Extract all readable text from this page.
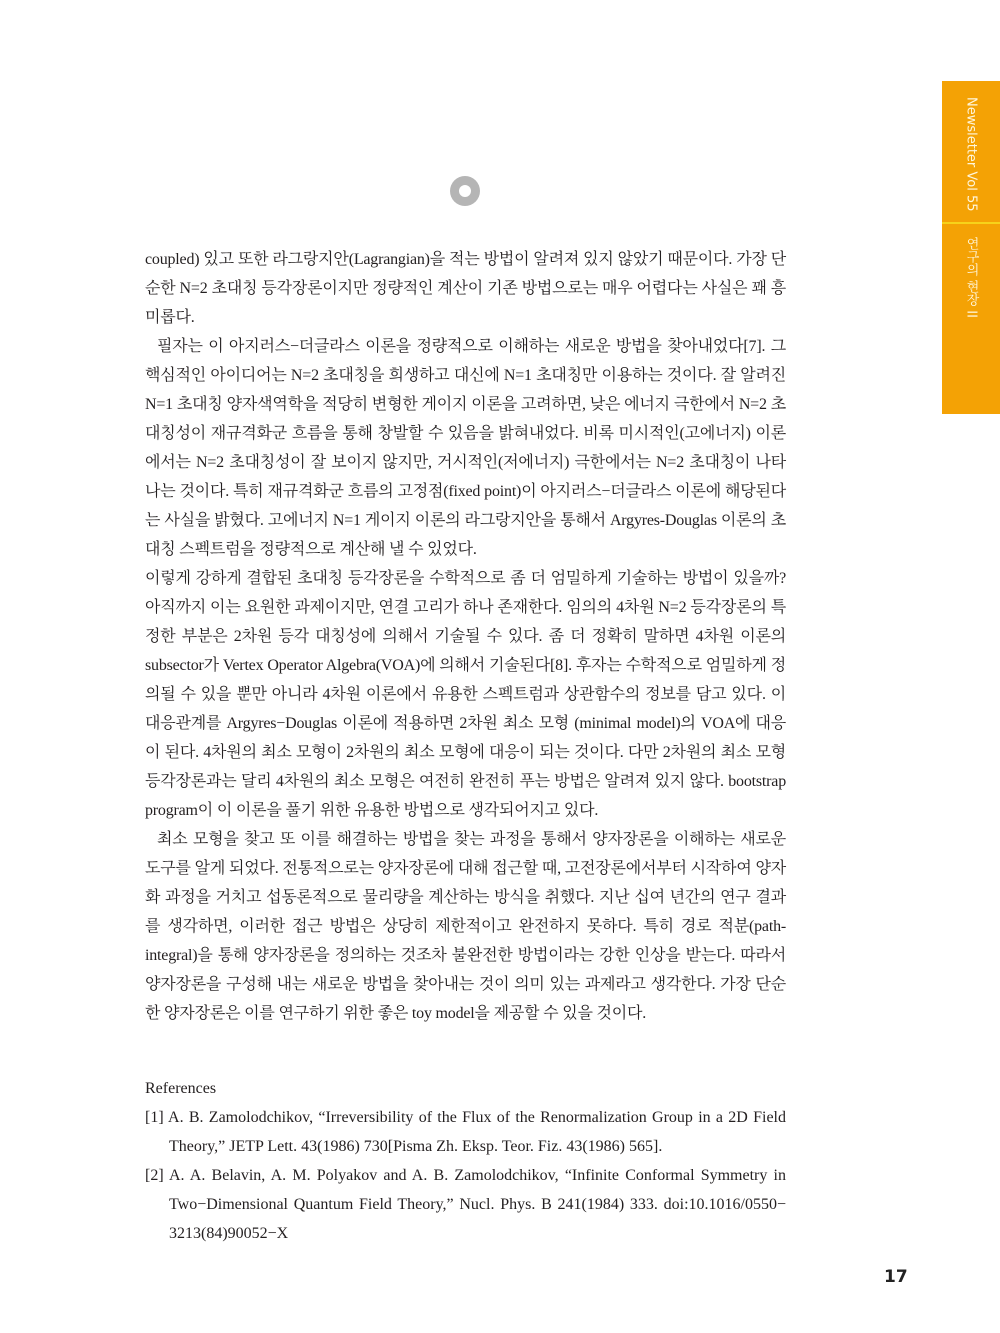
Newsletter Vol 55
연구의 현장 II

coupled) 있고 또한 라그랑지안(Lagrangian)을 적는 방법이 알려져 있지 않았기 때문이다. 가장 단순한 N=2 초대칭 등각장론이지만 정량적인 계산이 기존 방법으로는 매우 어렵다는 사실은 꽤 흥미롭다.

필자는 이 아지러스−더글라스 이론을 정량적으로 이해하는 새로운 방법을 찾아내었다[7]. 그 핵심적인 아이디어는 N=2 초대칭을 희생하고 대신에 N=1 초대칭만 이용하는 것이다. 잘 알려진 N=1 초대칭 양자색역학을 적당히 변형한 게이지 이론을 고려하면, 낮은 에너지 극한에서 N=2 초대칭성이 재규격화군 흐름을 통해 창발할 수 있음을 밝혀내었다. 비록 미시적인(고에너지) 이론에서는 N=2 초대칭성이 잘 보이지 않지만, 거시적인(저에너지) 극한에서는 N=2 초대칭이 나타나는 것이다. 특히 재규격화군 흐름의 고정점(fixed point)이 아지러스−더글라스 이론에 해당된다는 사실을 밝혔다. 고에너지 N=1 게이지 이론의 라그랑지안을 통해서 Argyres-Douglas 이론의 초대칭 스펙트럼을 정량적으로 계산해 낼 수 있었다.

이렇게 강하게 결합된 초대칭 등각장론을 수학적으로 좀 더 엄밀하게 기술하는 방법이 있을까? 아직까지 이는 요원한 과제이지만, 연결 고리가 하나 존재한다. 임의의 4차원 N=2 등각장론의 특정한 부분은 2차원 등각 대칭성에 의해서 기술될 수 있다. 좀 더 정확히 말하면 4차원 이론의 subsector가 Vertex Operator Algebra(VOA)에 의해서 기술된다[8]. 후자는 수학적으로 엄밀하게 정의될 수 있을 뿐만 아니라 4차원 이론에서 유용한 스펙트럼과 상관함수의 정보를 담고 있다. 이 대응관계를 Argyres−Douglas 이론에 적용하면 2차원 최소 모형 (minimal model)의 VOA에 대응이 된다. 4차원의 최소 모형이 2차원의 최소 모형에 대응이 되는 것이다. 다만 2차원의 최소 모형 등각장론과는 달리 4차원의 최소 모형은 여전히 완전히 푸는 방법은 알려져 있지 않다. bootstrap program이 이 이론을 풀기 위한 유용한 방법으로 생각되어지고 있다.

최소 모형을 찾고 또 이를 해결하는 방법을 찾는 과정을 통해서 양자장론을 이해하는 새로운 도구를 알게 되었다. 전통적으로는 양자장론에 대해 접근할 때, 고전장론에서부터 시작하여 양자화 과정을 거치고 섭동론적으로 물리량을 계산하는 방식을 취했다. 지난 십여 년간의 연구 결과를 생각하면, 이러한 접근 방법은 상당히 제한적이고 완전하지 못하다. 특히 경로 적분(path-integral)을 통해 양자장론을 정의하는 것조차 불완전한 방법이라는 강한 인상을 받는다. 따라서 양자장론을 구성해 내는 새로운 방법을 찾아내는 것이 의미 있는 과제라고 생각한다. 가장 단순한 양자장론은 이를 연구하기 위한 좋은 toy model을 제공할 수 있을 것이다.

References

[1] A. B. Zamolodchikov, “Irreversibility of the Flux of the Renormalization Group in a 2D Field Theory,” JETP Lett. 43(1986) 730[Pisma Zh. Eksp. Teor. Fiz. 43(1986) 565].

[2] A. A. Belavin, A. M. Polyakov and A. B. Zamolodchikov, “Infinite Conformal Symmetry in Two−Dimensional Quantum Field Theory,” Nucl. Phys. B 241(1984) 333. doi:10.1016/0550− 3213(84)90052−X

17
